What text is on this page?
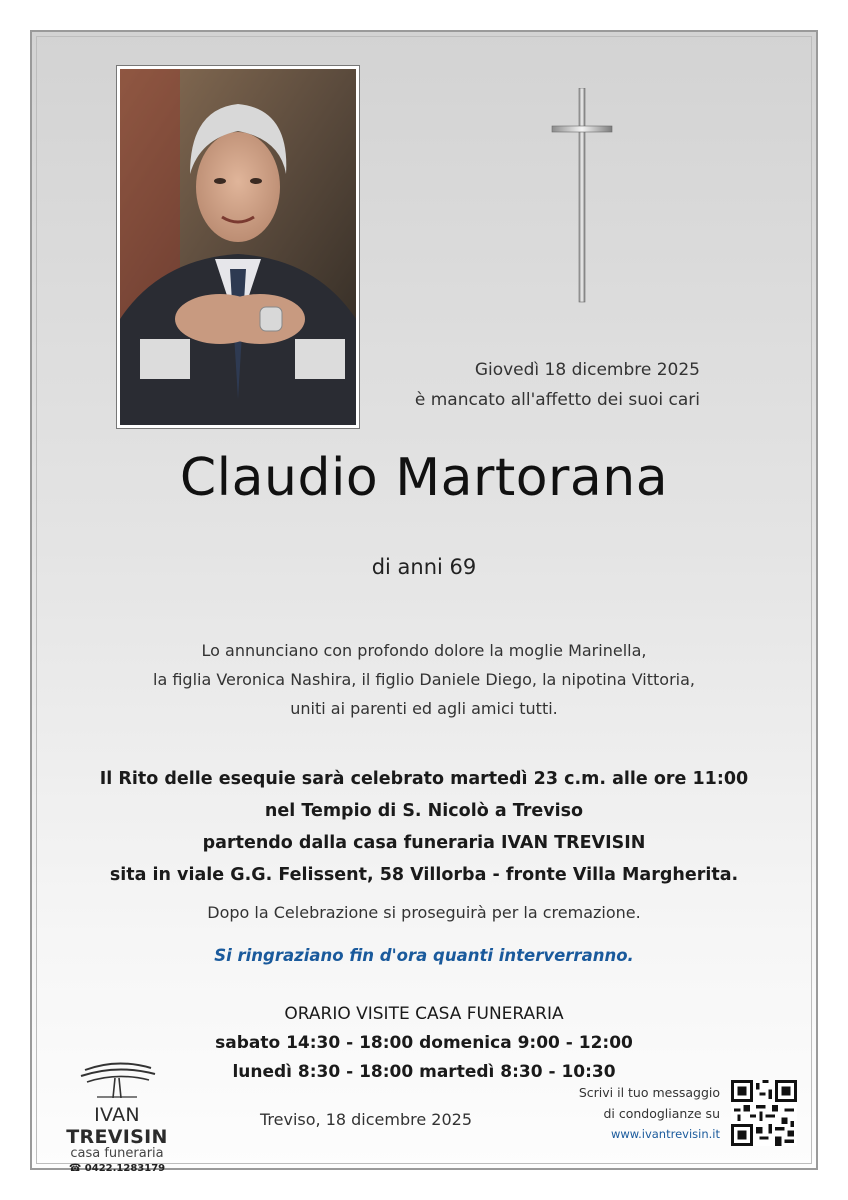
Giovedì 18 dicembre 2025
è mancato all'affetto dei suoi cari
Claudio Martorana
di anni 69
Lo annunciano con profondo dolore la moglie Marinella,
la figlia Veronica Nashira, il figlio Daniele Diego, la nipotina Vittoria,
uniti ai parenti ed agli amici tutti.
Il Rito delle esequie sarà celebrato martedì 23 c.m. alle ore 11:00
nel Tempio di S. Nicolò a Treviso
partendo dalla casa funeraria IVAN TREVISIN
sita in viale G.G. Felissent, 58 Villorba - fronte Villa Margherita.
Dopo la Celebrazione si proseguirà per la cremazione.
Si ringraziano fin d'ora quanti interverranno.
ORARIO VISITE CASA FUNERARIA
sabato 14:30 - 18:00 domenica 9:00 - 12:00
lunedì 8:30 - 18:00 martedì 8:30 - 10:30
IVAN TREVISIN
casa funeraria
☎ 0422.1283179
Treviso, 18 dicembre 2025
Scrivi il tuo messaggio
di condoglianze su
www.ivantrevisin.it
